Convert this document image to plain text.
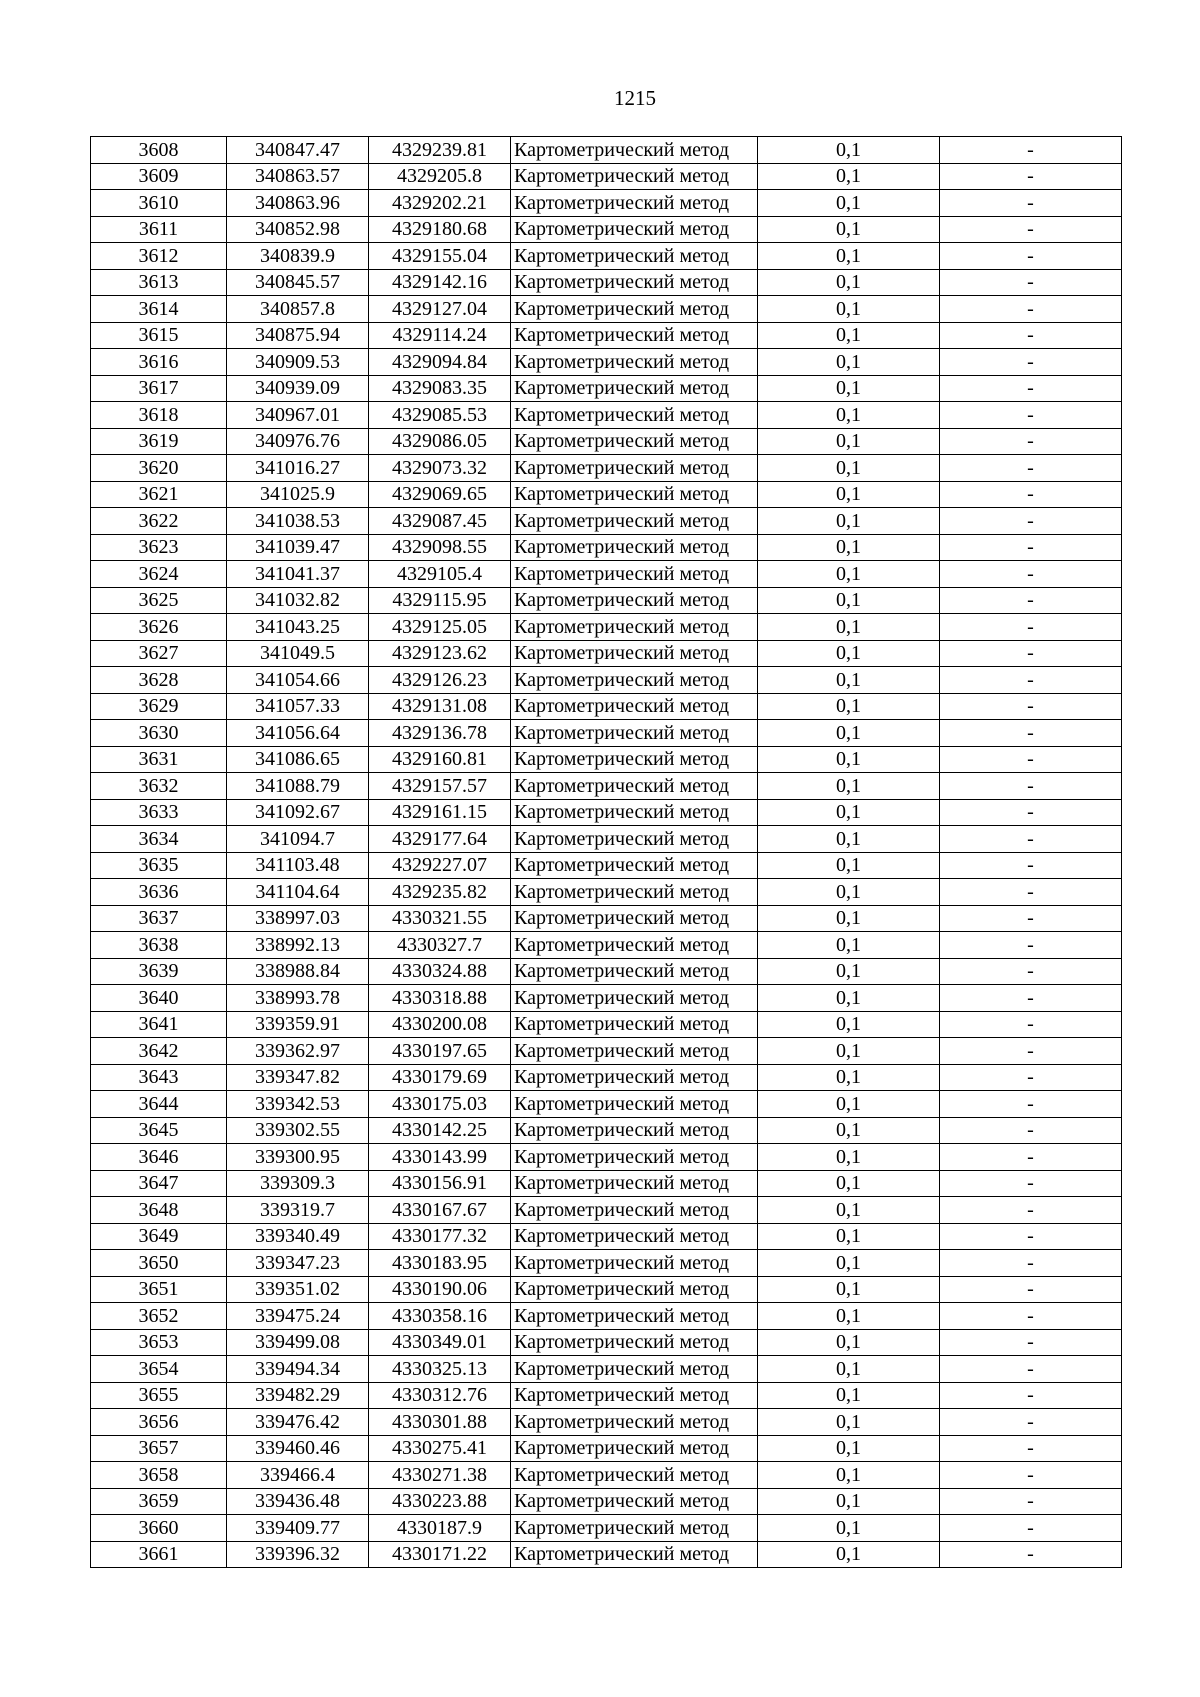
1215
3608	340847.47	4329239.81	Картометрический метод	0,1	-
3609	340863.57	4329205.8	Картометрический метод	0,1	-
3610	340863.96	4329202.21	Картометрический метод	0,1	-
3611	340852.98	4329180.68	Картометрический метод	0,1	-
3612	340839.9	4329155.04	Картометрический метод	0,1	-
3613	340845.57	4329142.16	Картометрический метод	0,1	-
3614	340857.8	4329127.04	Картометрический метод	0,1	-
3615	340875.94	4329114.24	Картометрический метод	0,1	-
3616	340909.53	4329094.84	Картометрический метод	0,1	-
3617	340939.09	4329083.35	Картометрический метод	0,1	-
3618	340967.01	4329085.53	Картометрический метод	0,1	-
3619	340976.76	4329086.05	Картометрический метод	0,1	-
3620	341016.27	4329073.32	Картометрический метод	0,1	-
3621	341025.9	4329069.65	Картометрический метод	0,1	-
3622	341038.53	4329087.45	Картометрический метод	0,1	-
3623	341039.47	4329098.55	Картометрический метод	0,1	-
3624	341041.37	4329105.4	Картометрический метод	0,1	-
3625	341032.82	4329115.95	Картометрический метод	0,1	-
3626	341043.25	4329125.05	Картометрический метод	0,1	-
3627	341049.5	4329123.62	Картометрический метод	0,1	-
3628	341054.66	4329126.23	Картометрический метод	0,1	-
3629	341057.33	4329131.08	Картометрический метод	0,1	-
3630	341056.64	4329136.78	Картометрический метод	0,1	-
3631	341086.65	4329160.81	Картометрический метод	0,1	-
3632	341088.79	4329157.57	Картометрический метод	0,1	-
3633	341092.67	4329161.15	Картометрический метод	0,1	-
3634	341094.7	4329177.64	Картометрический метод	0,1	-
3635	341103.48	4329227.07	Картометрический метод	0,1	-
3636	341104.64	4329235.82	Картометрический метод	0,1	-
3637	338997.03	4330321.55	Картометрический метод	0,1	-
3638	338992.13	4330327.7	Картометрический метод	0,1	-
3639	338988.84	4330324.88	Картометрический метод	0,1	-
3640	338993.78	4330318.88	Картометрический метод	0,1	-
3641	339359.91	4330200.08	Картометрический метод	0,1	-
3642	339362.97	4330197.65	Картометрический метод	0,1	-
3643	339347.82	4330179.69	Картометрический метод	0,1	-
3644	339342.53	4330175.03	Картометрический метод	0,1	-
3645	339302.55	4330142.25	Картометрический метод	0,1	-
3646	339300.95	4330143.99	Картометрический метод	0,1	-
3647	339309.3	4330156.91	Картометрический метод	0,1	-
3648	339319.7	4330167.67	Картометрический метод	0,1	-
3649	339340.49	4330177.32	Картометрический метод	0,1	-
3650	339347.23	4330183.95	Картометрический метод	0,1	-
3651	339351.02	4330190.06	Картометрический метод	0,1	-
3652	339475.24	4330358.16	Картометрический метод	0,1	-
3653	339499.08	4330349.01	Картометрический метод	0,1	-
3654	339494.34	4330325.13	Картометрический метод	0,1	-
3655	339482.29	4330312.76	Картометрический метод	0,1	-
3656	339476.42	4330301.88	Картометрический метод	0,1	-
3657	339460.46	4330275.41	Картометрический метод	0,1	-
3658	339466.4	4330271.38	Картометрический метод	0,1	-
3659	339436.48	4330223.88	Картометрический метод	0,1	-
3660	339409.77	4330187.9	Картометрический метод	0,1	-
3661	339396.32	4330171.22	Картометрический метод	0,1	-
